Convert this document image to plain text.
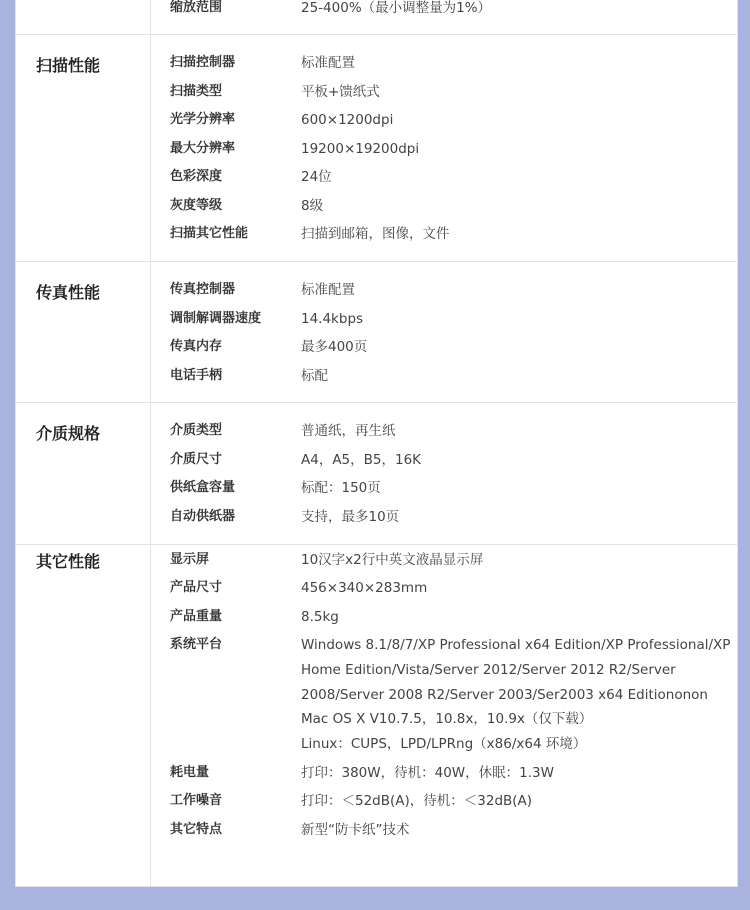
缩放范围	25-400%（最小调整量为1%）
扫描性能	扫描控制器	标准配置
扫描类型	平板+馈纸式
光学分辨率	600×1200dpi
最大分辨率	19200×19200dpi
色彩深度	24位
灰度等级	8级
扫描其它性能	扫描到邮箱，图像，文件
传真性能	传真控制器	标准配置
调制解调器速度	14.4kbps
传真内存	最多400页
电话手柄	标配
介质规格	介质类型	普通纸，再生纸
介质尺寸	A4，A5，B5，16K
供纸盒容量	标配：150页
自动供纸器	支持，最多10页
其它性能	显示屏	10汉字x2行中英文液晶显示屏
产品尺寸	456×340×283mm
产品重量	8.5kg
系统平台	Windows 8.1/8/7/XP Professional x64 Edition/XP Professional/XP
Home Edition/Vista/Server 2012/Server 2012 R2/Server
2008/Server 2008 R2/Server 2003/Ser2003 x64 Editiononon
Mac OS X V10.7.5，10.8x，10.9x（仅下载）
Linux：CUPS，LPD/LPRng（x86/x64 环境）
耗电量	打印：380W，待机：40W，休眠：1.3W
工作噪音	打印：＜52dB(A)，待机：＜32dB(A)
其它特点	新型“防卡纸”技术
